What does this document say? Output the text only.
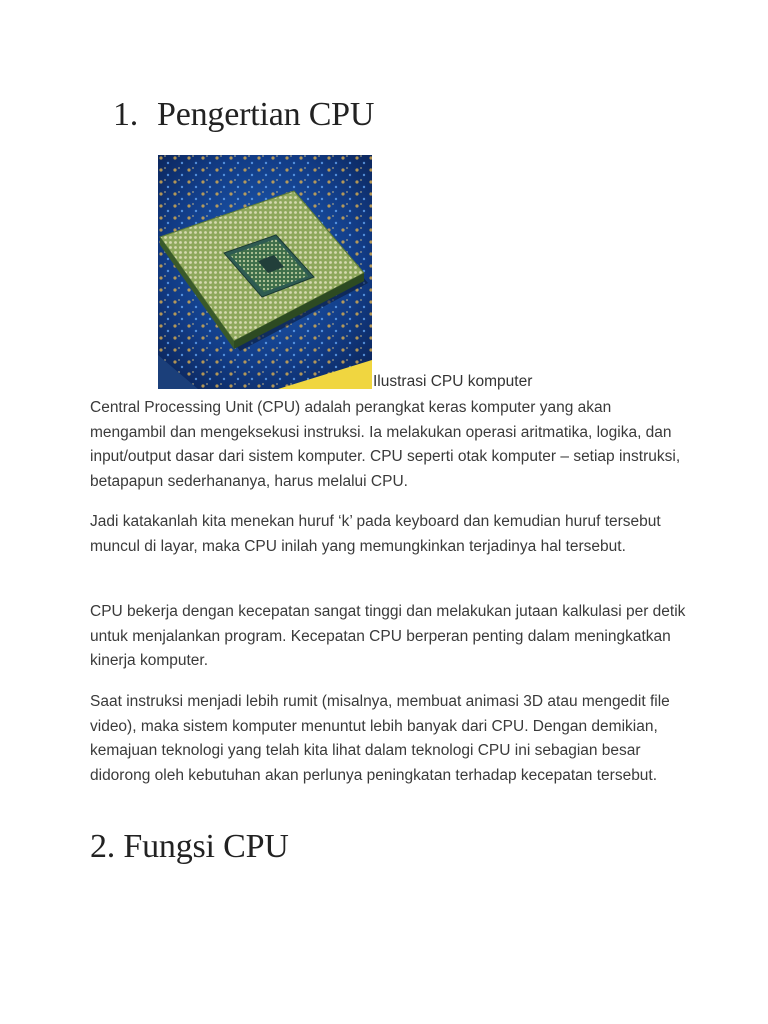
1. Pengertian CPU
Ilustrasi CPU komputer

Central Processing Unit (CPU) adalah perangkat keras komputer yang akan mengambil dan mengeksekusi instruksi. Ia melakukan operasi aritmatika, logika, dan input/output dasar dari sistem komputer. CPU seperti otak komputer – setiap instruksi, betapapun sederhananya, harus melalui CPU.

Jadi katakanlah kita menekan huruf ‘k’ pada keyboard dan kemudian huruf tersebut muncul di layar, maka CPU inilah yang memungkinkan terjadinya hal tersebut.

CPU bekerja dengan kecepatan sangat tinggi dan melakukan jutaan kalkulasi per detik untuk menjalankan program. Kecepatan CPU berperan penting dalam meningkatkan kinerja komputer.

Saat instruksi menjadi lebih rumit (misalnya, membuat animasi 3D atau mengedit file video), maka sistem komputer menuntut lebih banyak dari CPU. Dengan demikian, kemajuan teknologi yang telah kita lihat dalam teknologi CPU ini sebagian besar didorong oleh kebutuhan akan perlunya peningkatan terhadap kecepatan tersebut.

2. Fungsi CPU
